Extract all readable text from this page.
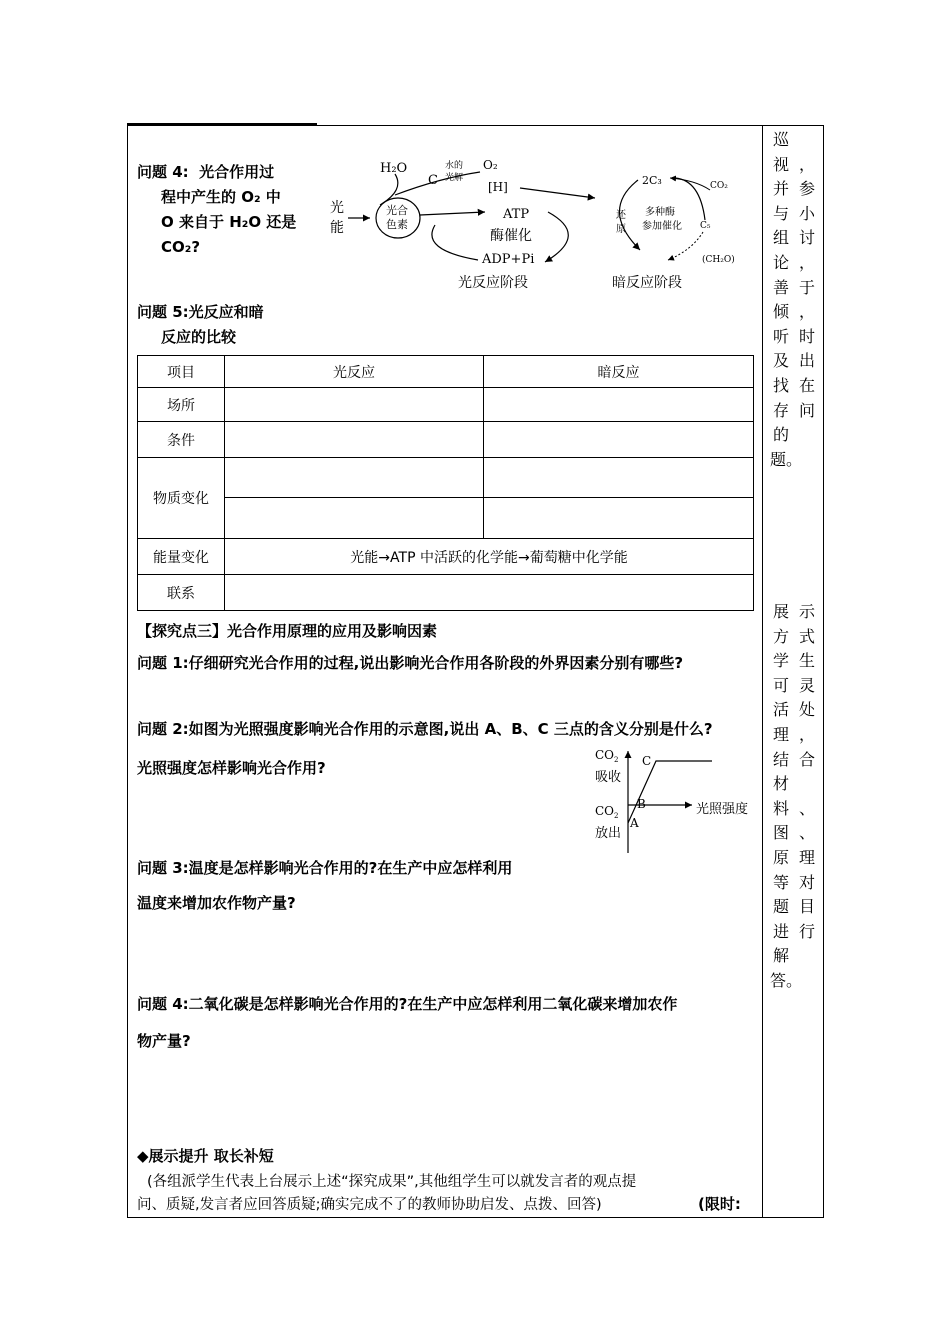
问题 4: 光合作用过
程中产生的 O₂ 中
O 来自于 H₂O 还是
CO₂?
H₂O	水的
光解
C
O₂
[H]
光
能
光合
色素
ATP
酶催化
ADP+Pi
光反应阶段
2C₃	CO₂
还
原
多种酶
参加催化 C₅
(CH₂O)
暗反应阶段
问题 5:光反应和暗
反应的比较
项目	光反应	暗反应
场所		
条件		
物质变化		

能量变化	光能→ATP 中活跃的化学能→葡萄糖中化学能	
联系		
【探究点三】光合作用原理的应用及影响因素
问题 1:仔细研究光合作用的过程,说出影响光合作用各阶段的外界因素分别有哪些?
问题 2:如图为光照强度影响光合作用的示意图,说出 A、B、C 三点的含义分别是什么?
光照强度怎样影响光合作用?
$CO_2$
吸收
$CO_2$
放出
C
B
A
光照强度
问题 3:温度是怎样影响光合作用的?在生产中应怎样利用
温度来增加农作物产量?
问题 4:二氧化碳是怎样影响光合作用的?在生产中应怎样利用二氧化碳来增加农作
物产量?
◆展示提升 取长补短
(各组派学生代表上台展示上述“探究成果”,其他组学生可以就发言者的观点提
问、质疑,发言者应回答质疑;确实完成不了的教师协助启发、点拨、回答)	(限时:
巡
视
并
与
组
论
善
倾
听
及
找
存
的
题。

，
参
小
讨
，
于
，
时
出
在
问

展
方
学
可
活
理
结
材
料
图
原
等
题
进
解
答。
示
式
生
灵
处
，
合

、
、
理
对
目
行
